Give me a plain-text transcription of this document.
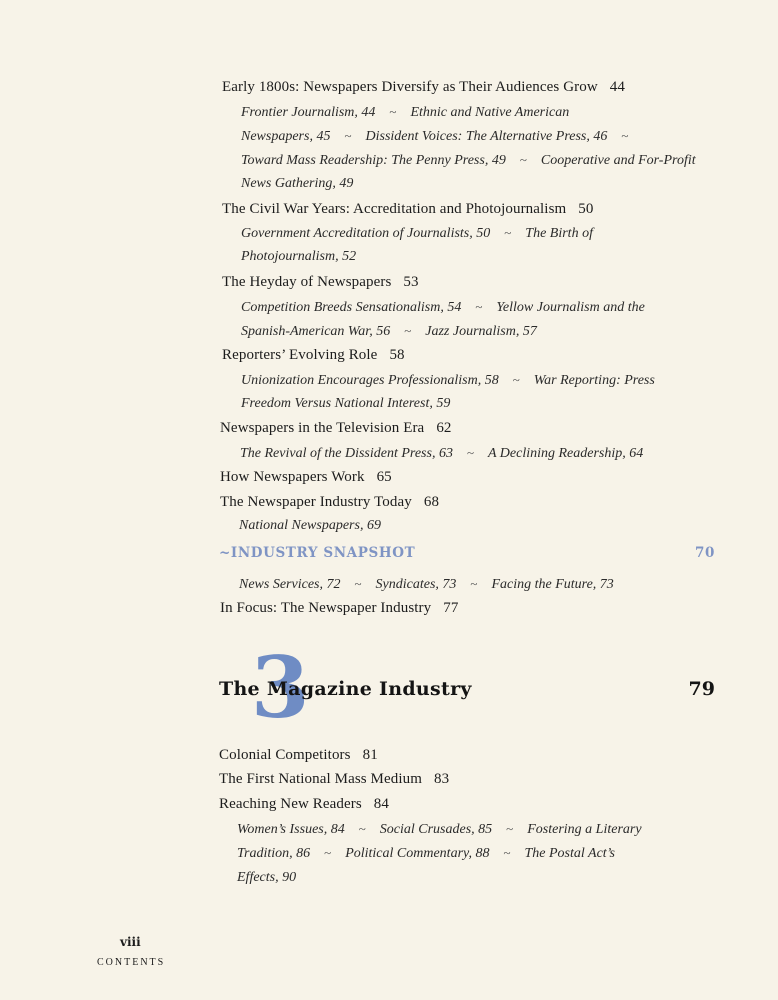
Early 1800s: Newspapers Diversify as Their Audiences Grow 44
Frontier Journalism, 44 ~ Ethnic and Native American
Newspapers, 45 ~ Dissident Voices: The Alternative Press, 46 ~
Toward Mass Readership: The Penny Press, 49 ~ Cooperative and For-Profit
News Gathering, 49
The Civil War Years: Accreditation and Photojournalism 50
Government Accreditation of Journalists, 50 ~ The Birth of
Photojournalism, 52
The Heyday of Newspapers 53
Competition Breeds Sensationalism, 54 ~ Yellow Journalism and the
Spanish-American War, 56 ~ Jazz Journalism, 57
Reporters’ Evolving Role 58
Unionization Encourages Professionalism, 58 ~ War Reporting: Press
Freedom Versus National Interest, 59
Newspapers in the Television Era 62
The Revival of the Dissident Press, 63 ~ A Declining Readership, 64
How Newspapers Work 65
The Newspaper Industry Today 68
National Newspapers, 69
~INDUSTRY SNAPSHOT	70
News Services, 72 ~ Syndicates, 73 ~ Facing the Future, 73
In Focus: The Newspaper Industry 77
3
The Magazine Industry	79
Colonial Competitors 81
The First National Mass Medium 83
Reaching New Readers 84
Women’s Issues, 84 ~ Social Crusades, 85 ~ Fostering a Literary
Tradition, 86 ~ Political Commentary, 88 ~ The Postal Act’s
Effects, 90
viii
CONTENTS
